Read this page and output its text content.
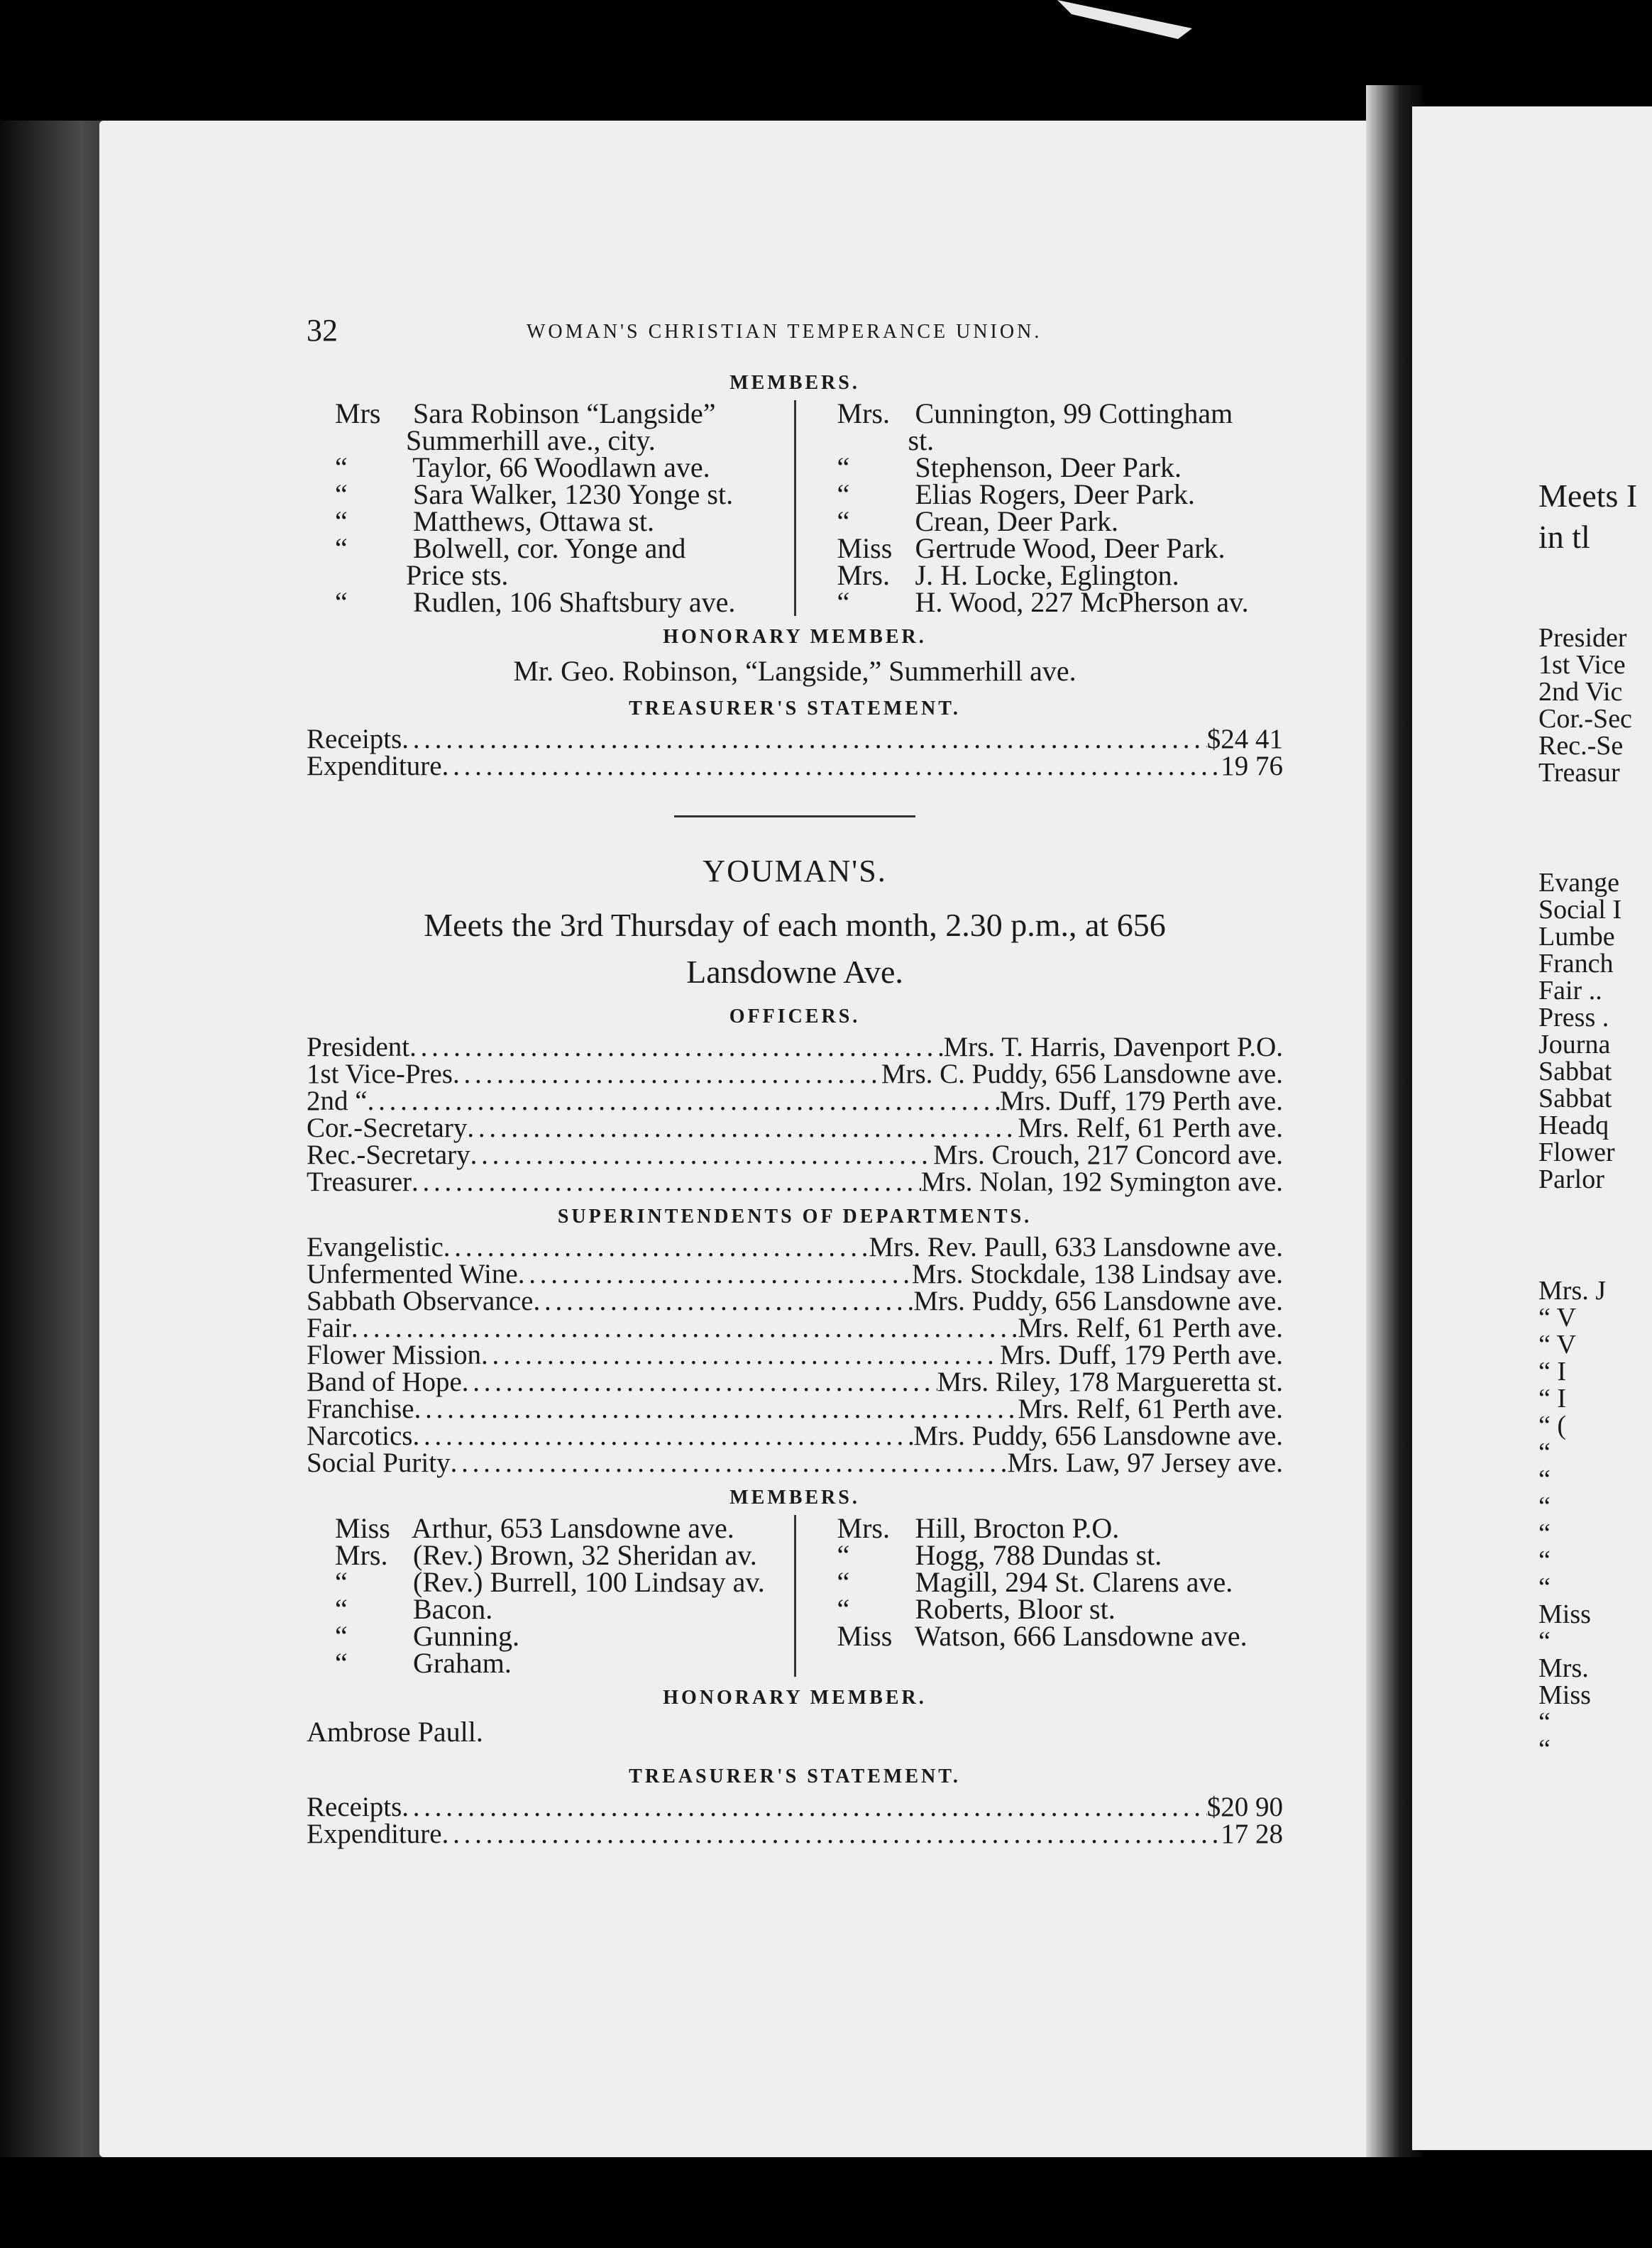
32	WOMAN'S CHRISTIAN TEMPERANCE UNION.
MEMBERS.
Mrs Sara Robinson “Langside”
Summerhill ave., city.
“ Taylor, 66 Woodlawn ave.
“ Sara Walker, 1230 Yonge st.
“ Matthews, Ottawa st.
“ Bolwell, cor. Yonge and
Price sts.
“ Rudlen, 106 Shaftsbury ave.
Mrs. Cunnington, 99 Cottingham
st.
“ Stephenson, Deer Park.
“ Elias Rogers, Deer Park.
“ Crean, Deer Park.
Miss Gertrude Wood, Deer Park.
Mrs. J. H. Locke, Eglington.
“ H. Wood, 227 McPherson av.
HONORARY MEMBER.
Mr. Geo. Robinson, “Langside,” Summerhill ave.
TREASURER'S STATEMENT.
Receipts . . .	$24 41
Expenditure . . .	19 76
YOUMAN'S.
Meets the 3rd Thursday of each month, 2.30 p.m., at 656
Lansdowne Ave.
OFFICERS.
President . . .	Mrs. T. Harris, Davenport P.O.
1st Vice-Pres . . .	Mrs. C. Puddy, 656 Lansdowne ave.
2nd “ . . .	Mrs. Duff, 179 Perth ave.
Cor.-Secretary . . .	Mrs. Relf, 61 Perth ave.
Rec.-Secretary . . .	Mrs. Crouch, 217 Concord ave.
Treasurer . . .	Mrs. Nolan, 192 Symington ave.
SUPERINTENDENTS OF DEPARTMENTS.
Evangelistic . . .	Mrs. Rev. Paull, 633 Lansdowne ave.
Unfermented Wine . . .	Mrs. Stockdale, 138 Lindsay ave.
Sabbath Observance . . .	Mrs. Puddy, 656 Lansdowne ave.
Fair . . .	Mrs. Relf, 61 Perth ave.
Flower Mission . . .	Mrs. Duff, 179 Perth ave.
Band of Hope . . .	Mrs. Riley, 178 Margueretta st.
Franchise . . .	Mrs. Relf, 61 Perth ave.
Narcotics . . .	Mrs. Puddy, 656 Lansdowne ave.
Social Purity . . .	Mrs. Law, 97 Jersey ave.
MEMBERS.
Miss Arthur, 653 Lansdowne ave.
Mrs. (Rev.) Brown, 32 Sheridan av.
“ (Rev.) Burrell, 100 Lindsay av.
“ Bacon.
“ Gunning.
“ Graham.
Mrs. Hill, Brocton P.O.
“ Hogg, 788 Dundas st.
“ Magill, 294 St. Clarens ave.
“ Roberts, Bloor st.
Miss Watson, 666 Lansdowne ave.
HONORARY MEMBER.
Ambrose Paull.
TREASURER'S STATEMENT.
Receipts . . .	$20 90
Expenditure . . .	17 28
Meets I
in tl
Presider
1st Vice
2nd Vic
Cor.-Sec
Rec.-Se
Treasur
Evange
Social I
Lumbe
Franch
Fair ..
Press .
Journa
Sabbat
Sabbat
Headq
Flower
Parlor
Mrs. J
“ V
“ V
“ I
“ I
“ (
“
“
“
“
“
“
Miss
“
Mrs.
Miss
“
“
